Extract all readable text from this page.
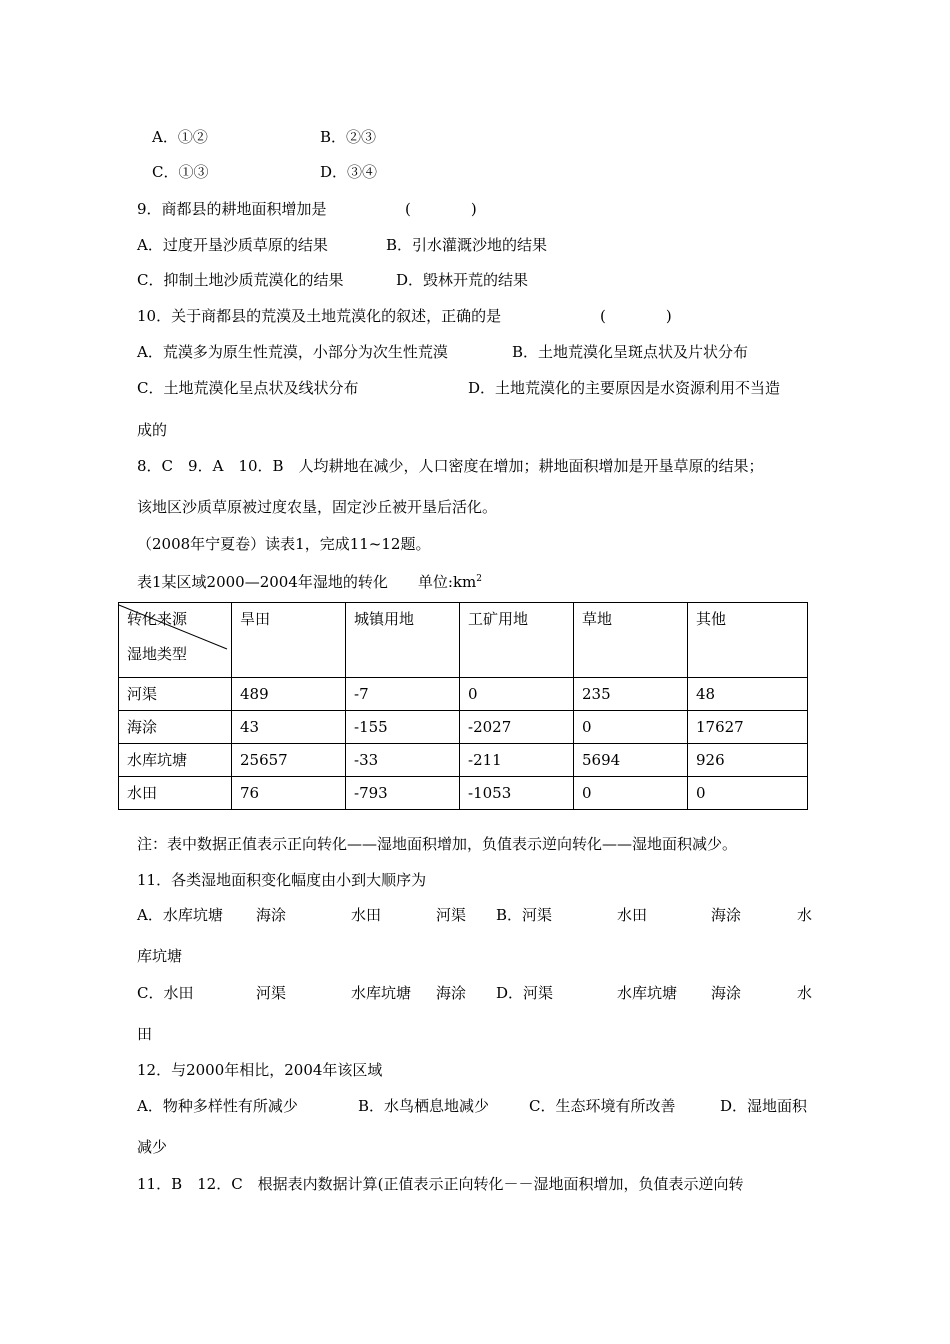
A．①②	B．②③
C．①③	D．③④
9．商都县的耕地面积增加是	(　　　　)
A．过度开垦沙质草原的结果	B．引水灌溉沙地的结果
C．抑制土地沙质荒漠化的结果	D．毁林开荒的结果
10．关于商都县的荒漠及土地荒漠化的叙述，正确的是	(　　　　)
A．荒漠多为原生性荒漠，小部分为次生性荒漠	B．土地荒漠化呈斑点状及片状分布
C．土地荒漠化呈点状及线状分布	D．土地荒漠化的主要原因是水资源利用不当造
成的
8．C　9．A　10．B　人均耕地在减少，人口密度在增加；耕地面积增加是开垦草原的结果；
该地区沙质草原被过度农垦，固定沙丘被开垦后活化。
（2008年宁夏卷）读表1，完成11~12题。
表1某区域2000—2004年湿地的转化　　单位$:km^2$
转化来源
湿地类型	旱田	城镇用地	工矿用地	草地	其他
河渠	489	-7	0	235	48
海涂	43	-155	-2027	0	17627
水库坑塘	25657	-33	-211	5694	926
水田	76	-793	-1053	0	0
注：表中数据正值表示正向转化——湿地面积增加，负值表示逆向转化——湿地面积减少。
11．各类湿地面积变化幅度由小到大顺序为
A．水库坑塘 海涂	水田	河渠 B．河渠	水田	海涂	水
库坑塘
C．水田	河渠	水库坑塘 海涂 D．河渠	水库坑塘 海涂	水
田
12．与2000年相比，2004年该区域
A．物种多样性有所减少	B．水鸟栖息地减少	C．生态环境有所改善	D．湿地面积
减少
11．B　12．C　根据表内数据计算(正值表示正向转化－－湿地面积增加，负值表示逆向转
